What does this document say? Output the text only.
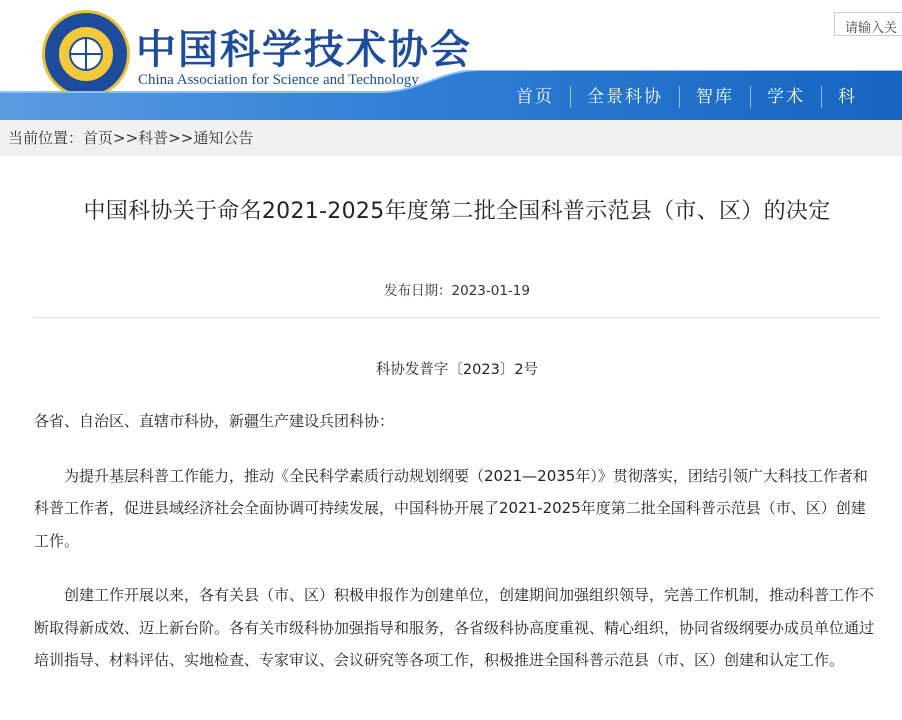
中国科学技术协会
China Association for Science and Technology
请输入关
首页 全景科协 智库 学术 科
当前位置：首页>>科普>>通知公告
中国科协关于命名2021-2025年度第二批全国科普示范县（市、区）的决定
发布日期：2023-01-19
科协发普字〔2023〕2号

各省、自治区、直辖市科协，新疆生产建设兵团科协：

为提升基层科普工作能力，推动《全民科学素质行动规划纲要（2021—2035年）》贯彻落实，团结引领广大科技工作者和科普工作者，促进县域经济社会全面协调可持续发展，中国科协开展了2021-2025年度第二批全国科普示范县（市、区）创建工作。

创建工作开展以来，各有关县（市、区）积极申报作为创建单位，创建期间加强组织领导，完善工作机制，推动科普工作不断取得新成效、迈上新台阶。各有关市级科协加强指导和服务，各省级科协高度重视、精心组织，协同省级纲要办成员单位通过培训指导、材料评估、实地检查、专家审议、会议研究等各项工作，积极推进全国科普示范县（市、区）创建和认定工作。
